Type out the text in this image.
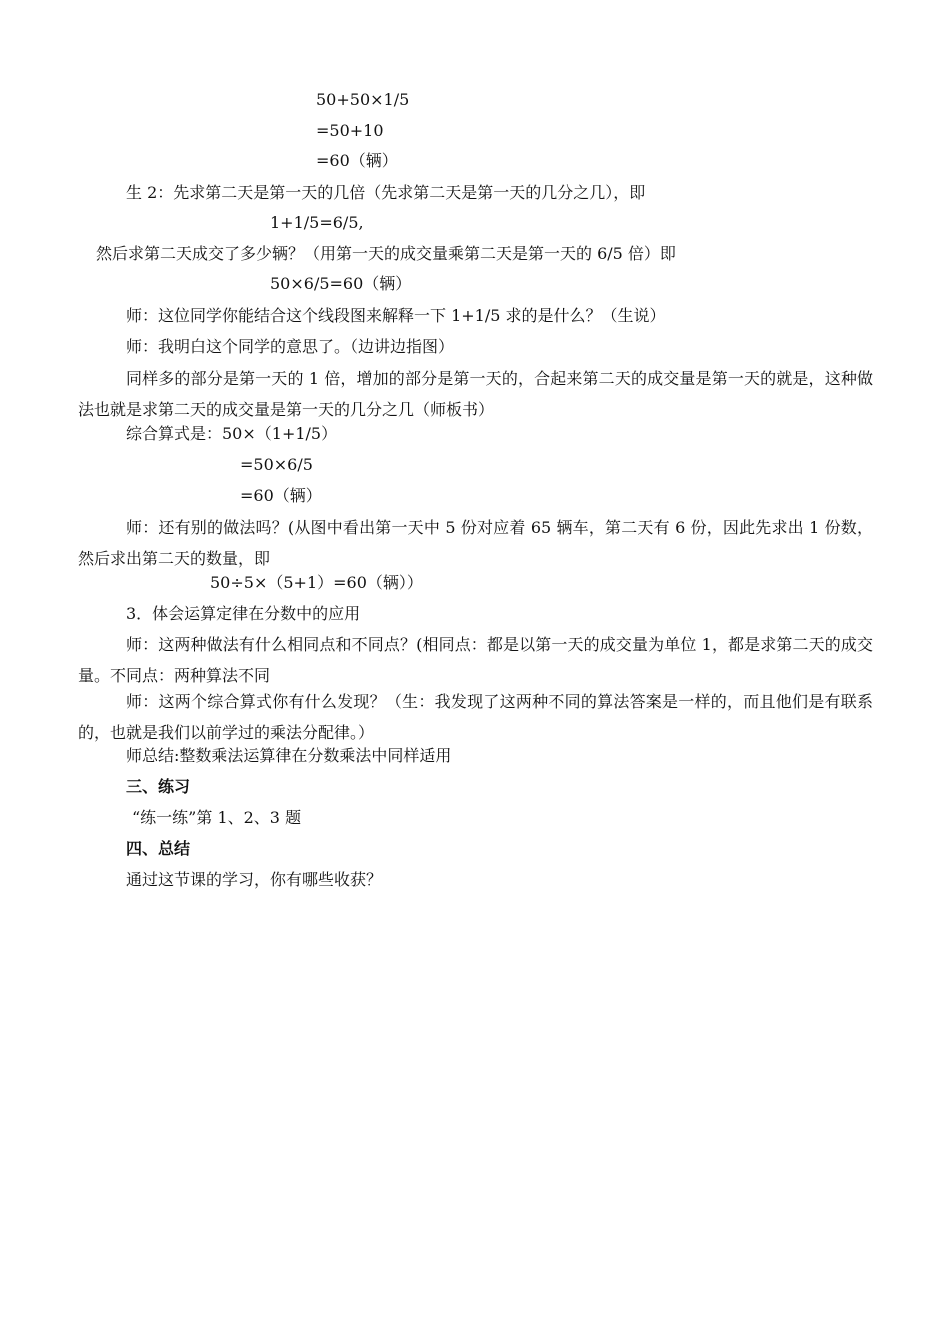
50+50×1/5
=50+10
=60（辆）
生 2：先求第二天是第一天的几倍（先求第二天是第一天的几分之几），即
1+1/5=6/5,
然后求第二天成交了多少辆？（用第一天的成交量乘第二天是第一天的 6/5 倍）即
50×6/5=60（辆）
师：这位同学你能结合这个线段图来解释一下 1+1/5 求的是什么？（生说）
师：我明白这个同学的意思了。（边讲边指图）
同样多的部分是第一天的 1 倍，增加的部分是第一天的，合起来第二天的成交量是第一天的就是，这种做法也就是求第二天的成交量是第一天的几分之几（师板书）
综合算式是：50×（1+1/5）
=50×6/5
=60（辆）
师：还有别的做法吗？(从图中看出第一天中 5 份对应着 65 辆车，第二天有 6 份，因此先求出 1 份数，然后求出第二天的数量，即
50÷5×（5+1）=60（辆））
3．体会运算定律在分数中的应用
师：这两种做法有什么相同点和不同点？(相同点：都是以第一天的成交量为单位 1，都是求第二天的成交量。不同点：两种算法不同
师：这两个综合算式你有什么发现？（生：我发现了这两种不同的算法答案是一样的，而且他们是有联系的，也就是我们以前学过的乘法分配律。）
师总结:整数乘法运算律在分数乘法中同样适用
三、练习
“练一练”第 1、2、3 题
四、总结
通过这节课的学习，你有哪些收获？
